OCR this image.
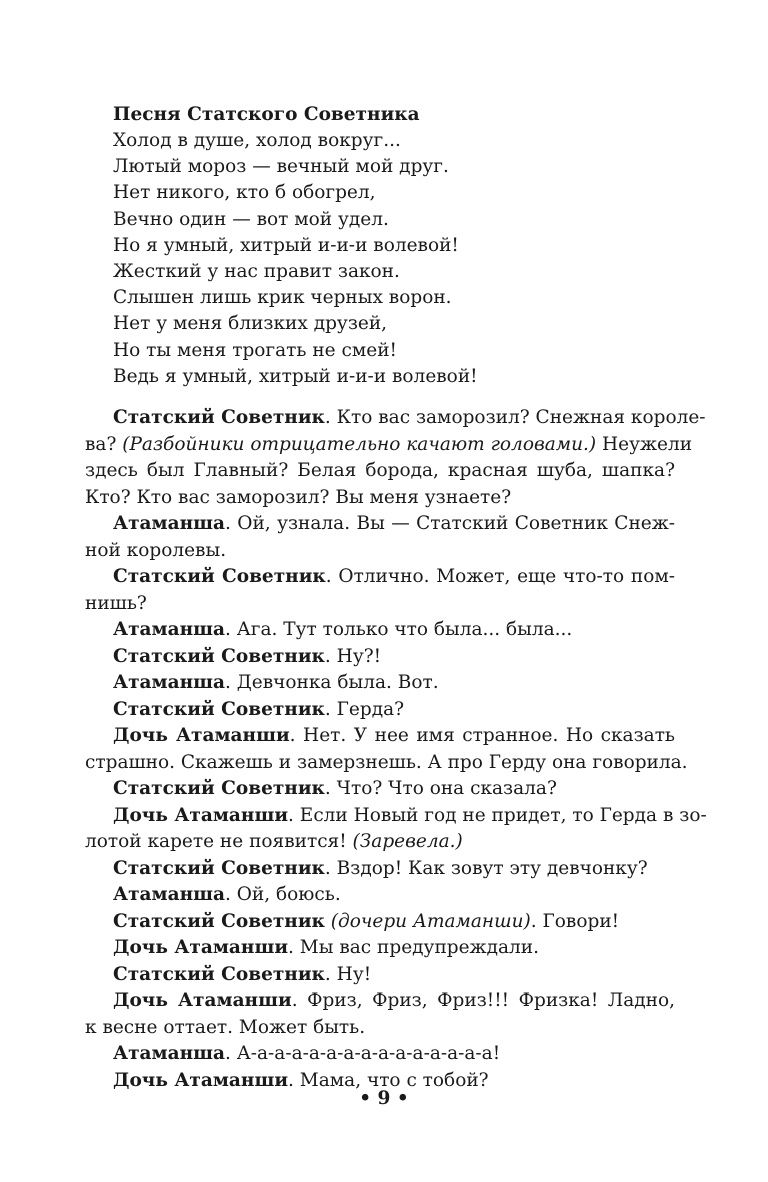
Песня Статского Советника
Холод в душе, холод вокруг...
Лютый мороз — вечный мой друг.
Нет никого, кто б обогрел,
Вечно один — вот мой удел.
Но я умный, хитрый и-и-и волевой!
Жесткий у нас правит закон.
Слышен лишь крик черных ворон.
Нет у меня близких друзей,
Но ты меня трогать не смей!
Ведь я умный, хитрый и-и-и волевой!
Статский Советник. Кто вас заморозил? Снежная короле-
ва? (Разбойники отрицательно качают головами.) Неужели
здесь был Главный? Белая борода, красная шуба, шапка?
Кто? Кто вас заморозил? Вы меня узнаете?
Атаманша. Ой, узнала. Вы — Статский Советник Снеж-
ной королевы.
Статский Советник. Отлично. Может, еще что-то пом-
нишь?
Атаманша. Ага. Тут только что была... была...
Статский Советник. Ну?!
Атаманша. Девчонка была. Вот.
Статский Советник. Герда?
Дочь Атаманши. Нет. У нее имя странное. Но сказать
страшно. Скажешь и замерзнешь. А про Герду она говорила.
Статский Советник. Что? Что она сказала?
Дочь Атаманши. Если Новый год не придет, то Герда в зо-
лотой карете не появится! (Заревела.)
Статский Советник. Вздор! Как зовут эту девчонку?
Атаманша. Ой, боюсь.
Статский Советник (дочери Атаманши). Говори!
Дочь Атаманши. Мы вас предупреждали.
Статский Советник. Ну!
Дочь Атаманши. Фриз, Фриз, Фриз!!! Фризка! Ладно,
к весне оттает. Может быть.
Атаманша. А-а-а-а-а-а-а-а-а-а-а-а-а-а-а!
Дочь Атаманши. Мама, что с тобой?
• 9 •
